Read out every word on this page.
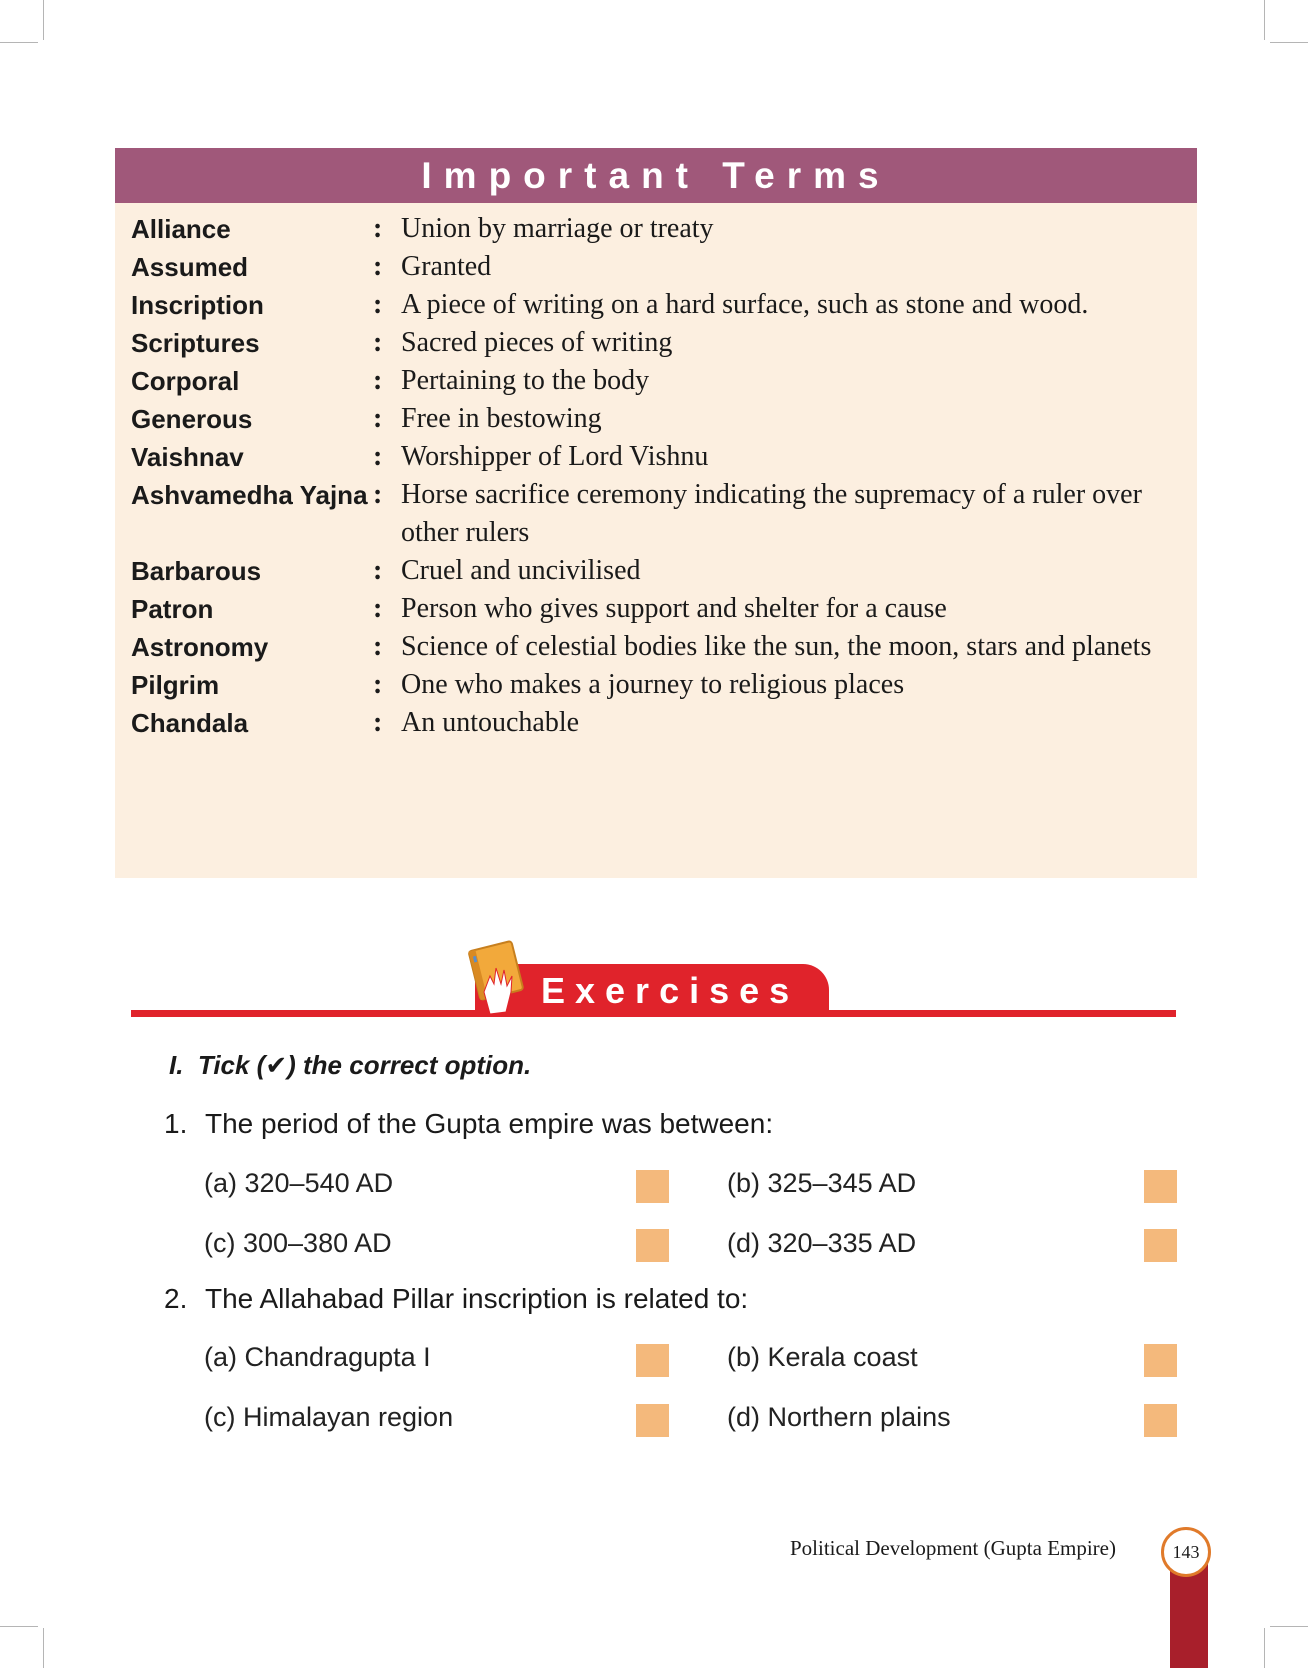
Important Terms
Alliance	: Union by marriage or treaty
Assumed	: Granted
Inscription	: A piece of writing on a hard surface, such as stone and wood.
Scriptures	: Sacred pieces of writing
Corporal	: Pertaining to the body
Generous	: Free in bestowing
Vaishnav	: Worshipper of Lord Vishnu
Ashvamedha Yajna : Horse sacrifice ceremony indicating the supremacy of a ruler over other rulers
Barbarous	: Cruel and uncivilised
Patron	: Person who gives support and shelter for a cause
Astronomy	: Science of celestial bodies like the sun, the moon, stars and planets
Pilgrim	: One who makes a journey to religious places
Chandala	: An untouchable
Exercises
I. Tick (✔) the correct option.
1. The period of the Gupta empire was between:
(a) 320–540 AD	(b) 325–345 AD
(c) 300–380 AD	(d) 320–335 AD
2. The Allahabad Pillar inscription is related to:
(a) Chandragupta I	(b) Kerala coast
(c) Himalayan region	(d) Northern plains
Political Development (Gupta Empire)	143
